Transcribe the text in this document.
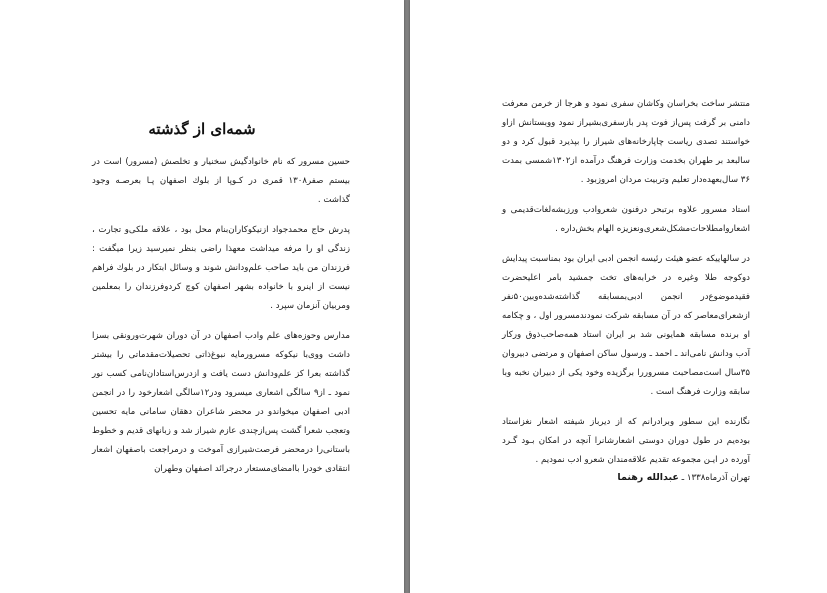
شمه‌ای از گذشته

حسین مسرور که نام خانوادگیش سخنیار و تخلصش (مسرور) است در بیستم صفر۱۳۰۸ قمری در کـوپا از بلوك اصفهان پـا بعرصـه وجود گذاشت .

پدرش حاج محمدجواد ازنیکوکاران‌بنام محل بود ، علاقه ملکی‌و تجارت ، زندگی او را مرفه میداشت معهذا راضی بنظر نمیرسید زیرا میگفت : فرزندان من باید صاحب علم‌ودانش شوند و وسائل ابتکار در بلوك فراهم نیست از اینرو با خانواده بشهر اصفهان کوچ کرد‌وفرزندان را بمعلمین ومربیان آنزمان سپرد .

مدارس وحوزه‌های علم وادب اصفهان در آن دوران شهرت‌ورونقی بسزا داشت ووی‌با نیکوکه مسرور‌مایه نبوغ‌ذاتی تحصیلات‌مقدماتی را بیشتر گذاشته بعرا کز علم‌ودانش دست یافت و ازدرس‌استادان‌نامی کسب نور نمود ـ از۹ سالگی اشعاری میسرود ودر۱۲سالگی اشعارخود را در انجمن ادبی اصفهان میخواندو در محضر شاعران دهقان سامانی مایه تحسین وتعجب شعرا گشت پس‌ازچندی عازم شیراز شد و زبانهای قدیم و خطوط باستانی‌را درمحضر فرصت‌شیرازی آموخت و درمراجعت باصفهان اشعار انتقادی خودرا باامضای‌مستعار درجرائد اصفهان وطهران

منتشر ساخت بخراسان وکاشان سفری نمود و هرجا از خرمن معرفت دامنی بر گرفت پس‌از فوت پدر بازسفری‌بشیراز نمود ووبستانش ازاو خواستند تصدی ریاست چاپارخانه‌های شیراز را بپذیرد قبول کرد و دو سالبعد بر طهران بخدمت وزارت فرهنگ درآمده از۱۳۰۲شمسی بمدت ۳۶ سال‌بعهده‌دار تعلیم وتربیت مردان امروزبود .

استاد مسرور علاوه برتبحر درفنون شعروادب ورزبشه‌لغات‌قدیمی و اشعاروامطلاحات‌مشکل‌شعری‌ونعزیزه الهام بخش‌داره .

در سالهاییکه عضو هیئت رئیسه انجمن ادبی ایران بود بمناسبت پیدایش دوکوجه طلا وغیره در خرابه‌های تخت جمشید بامر اعلیحضرت فقید‌موضوع‌در انجمن ادبی‌بمسابقه گذاشته‌شده‌وبین۵۰نفر ازشعرای‌معاصر که در آن مسابقه شرکت نمودند‌مسرور اول ، و چکامه او برنده مسابقه همایونی شد بر ایران استاد همه‌صاحب‌ذوق ورکار آدب ودانش نامی‌اند ـ احمد ـ ورسول ساکن اصفهان و مرتضی دبیروان ۳۵سال است‌مصاحبت مسروررا برگزیده وخود یکی از دبیران نخبه وبا سابقه وزارت فرهنگ است .

نگارنده این سطور وبرادرانم که از دیرباز شیفته اشعار نغزاستاد بوده‌یم در طول دوران دوستی اشعارشانرا آنچه در امکان بـود گـرد آورده در ایـن مجموعه تقدیم علاقه‌مندان شعرو ادب نمودیم .

تهران آذرماه۱۳۳۸ ـ عبدالله رهنما
